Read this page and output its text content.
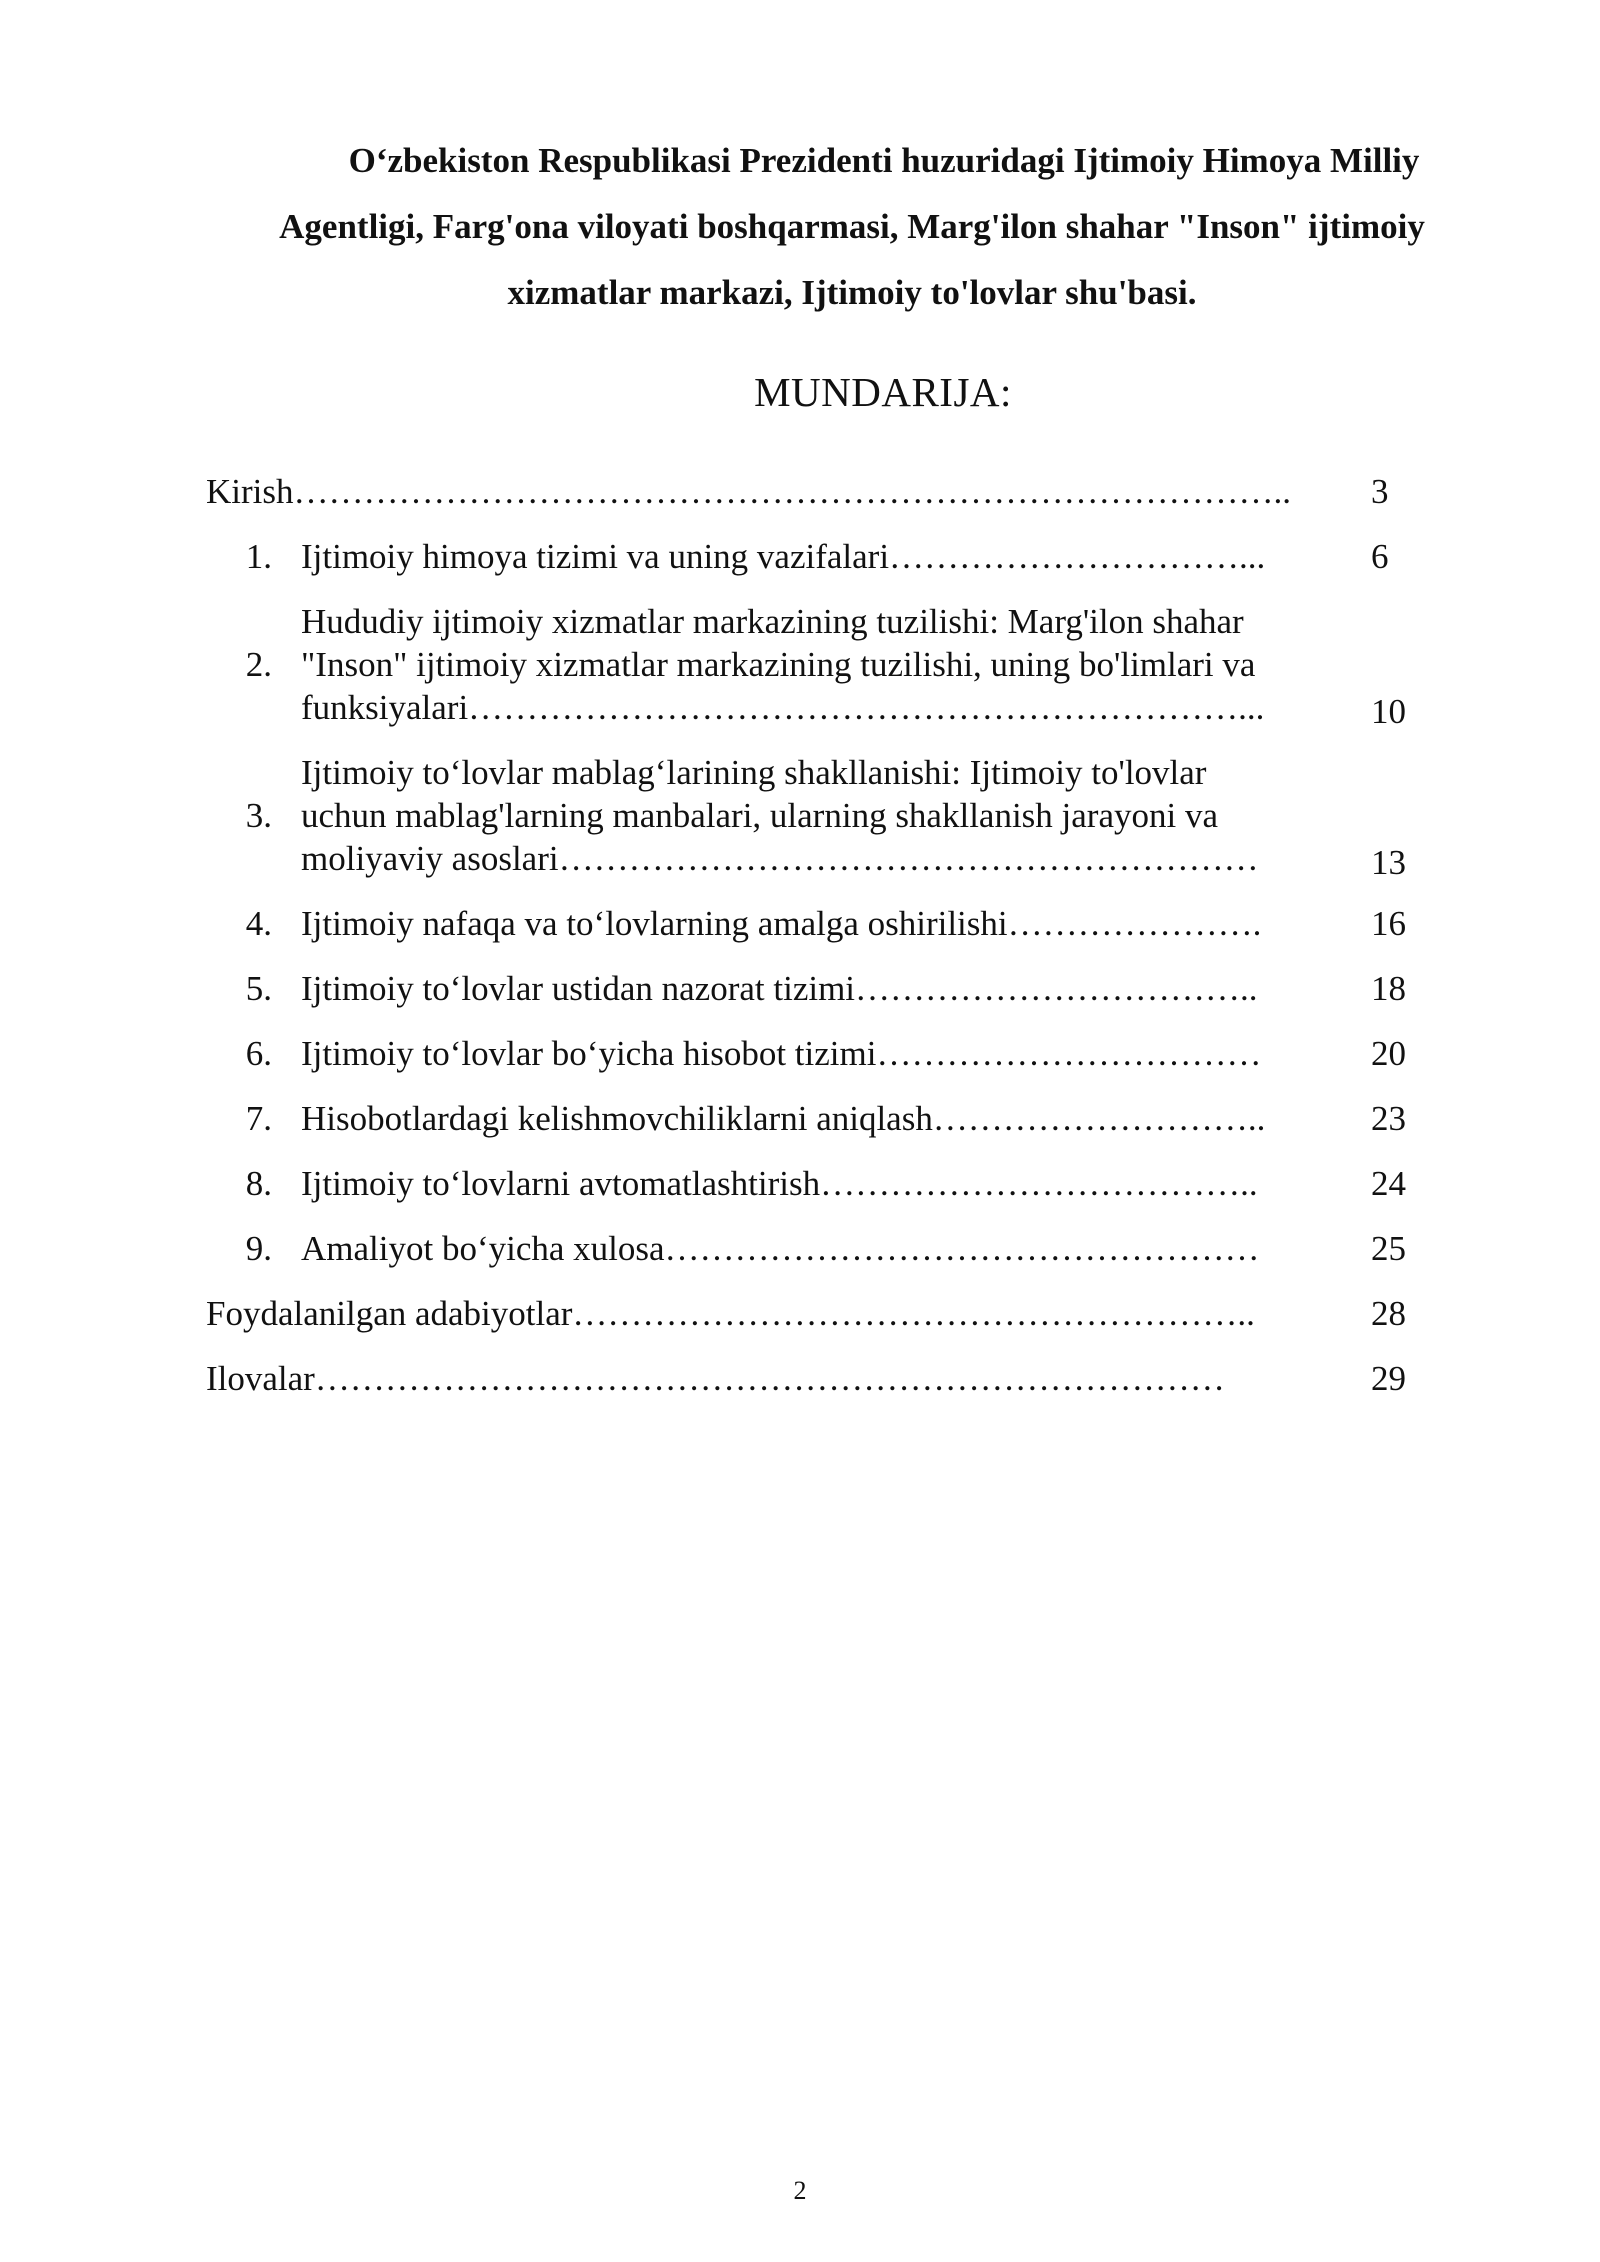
Oʻzbekiston Respublikasi Prezidenti huzuridagi Ijtimoiy Himoya Milliy
Agentligi, Farg'ona viloyati boshqarmasi, Marg'ilon shahar "Inson" ijtimoiy
xizmatlar markazi, Ijtimoiy to'lovlar shu'basi.
MUNDARIJA:
Kirish…………………………………………………………………………..	3
1. Ijtimoiy himoya tizimi va uning vazifalari…………………………...	6
2.
Hududiy ijtimoiy xizmatlar markazining tuzilishi: Marg'ilon shahar
"Inson" ijtimoiy xizmatlar markazining tuzilishi, uning bo'limlari va
funksiyalari…………………………………………………………...	10
3.
Ijtimoiy toʻlovlar mablagʻlarining shakllanishi: Ijtimoiy to'lovlar
uchun mablag'larning manbalari, ularning shakllanish jarayoni va
moliyaviy asoslari……………………………………………………	13
4. Ijtimoiy nafaqa va toʻlovlarning amalga oshirilishi………………….	16
5. Ijtimoiy toʻlovlar ustidan nazorat tizimi……………………………..	18
6. Ijtimoiy toʻlovlar boʻyicha hisobot tizimi……………………………	20
7. Hisobotlardagi kelishmovchiliklarni aniqlash………………………..	23
8. Ijtimoiy toʻlovlarni avtomatlashtirish………………………………..	24
9. Amaliyot boʻyicha xulosa……………………………………………	25
Foydalanilgan adabiyotlar…………………………………………………..	28
Ilovalar……………………………………………………………………	29
2
